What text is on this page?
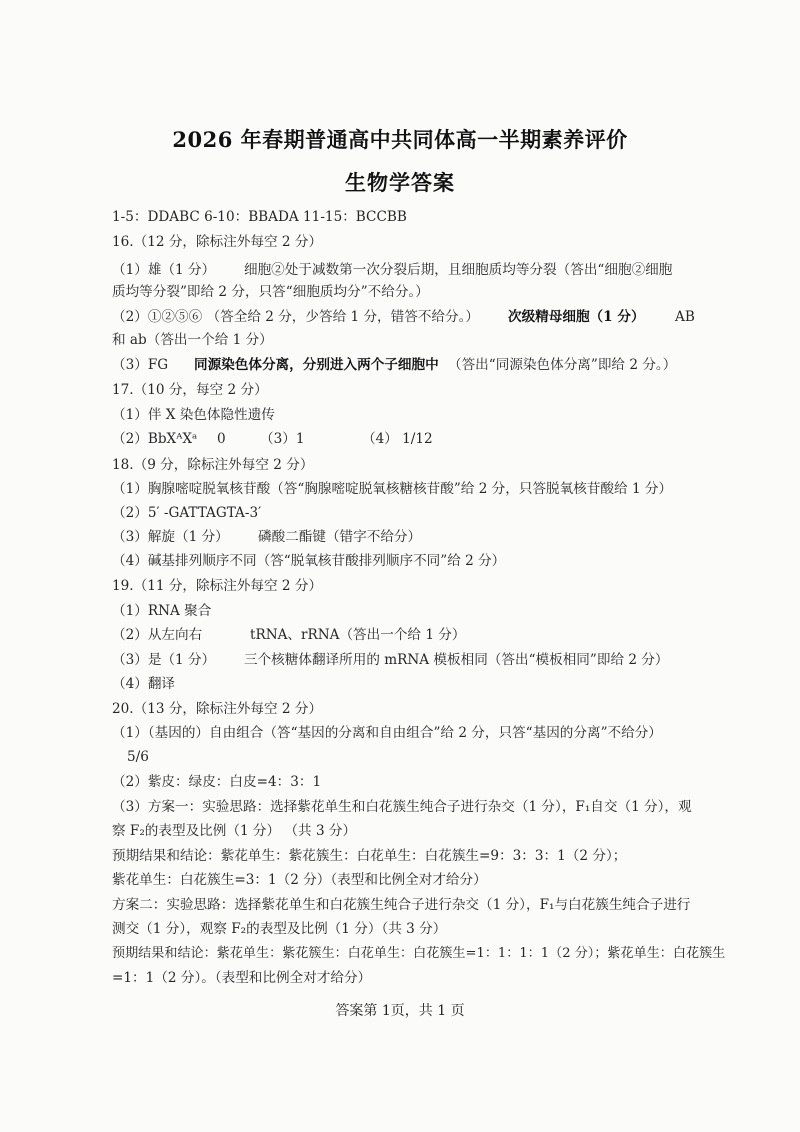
2026 年春期普通高中共同体高一半期素养评价
生物学答案
1-5：DDABC 6-10：BBADA 11-15：BCCBB
16.（12 分，除标注外每空 2 分）
（1）雄（1 分） 细胞②处于减数第一次分裂后期，且细胞质均等分裂（答出“细胞②细胞
质均等分裂”即给 2 分，只答“细胞质均分”不给分。）
（2）①②⑤⑥ （答全给 2 分，少答给 1 分，错答不给分。） 次级精母细胞（1 分） AB
和 ab（答出一个给 1 分）
（3）FG 同源染色体分离，分别进入两个子细胞中 （答出“同源染色体分离”即给 2 分。）
17.（10 分，每空 2 分）
（1）伴 X 染色体隐性遗传
（2）BbXᴬXᵃ 0	（3）1	（4） 1/12
18.（9 分，除标注外每空 2 分）
（1）胸腺嘧啶脱氧核苷酸（答“胸腺嘧啶脱氧核糖核苷酸”给 2 分，只答脱氧核苷酸给 1 分）
（2）5′ -GATTAGTA-3′
（3）解旋（1 分） 磷酸二酯键（错字不给分）
（4）碱基排列顺序不同（答“脱氧核苷酸排列顺序不同”给 2 分）
19.（11 分，除标注外每空 2 分）
（1）RNA 聚合
（2）从左向右	tRNA、rRNA（答出一个给 1 分）
（3）是（1 分） 三个核糖体翻译所用的 mRNA 模板相同（答出“模板相同”即给 2 分）
（4）翻译
20.（13 分，除标注外每空 2 分）
（1）（基因的）自由组合（答“基因的分离和自由组合”给 2 分，只答“基因的分离”不给分）
5/6
（2）紫皮：绿皮：白皮=4：3：1
（3）方案一：实验思路：选择紫花单生和白花簇生纯合子进行杂交（1 分），F₁自交（1 分），观
察 F₂的表型及比例（1 分） （共 3 分）
预期结果和结论：紫花单生：紫花簇生：白花单生：白花簇生=9：3：3：1（2 分）；
紫花单生：白花簇生=3：1（2 分）（表型和比例全对才给分）
方案二：实验思路：选择紫花单生和白花簇生纯合子进行杂交（1 分），F₁与白花簇生纯合子进行
测交（1 分），观察 F₂的表型及比例（1 分）（共 3 分）
预期结果和结论：紫花单生：紫花簇生：白花单生：白花簇生=1：1：1：1（2 分）；紫花单生：白花簇生
=1：1（2 分）。（表型和比例全对才给分）
答案第 1页，共 1 页
